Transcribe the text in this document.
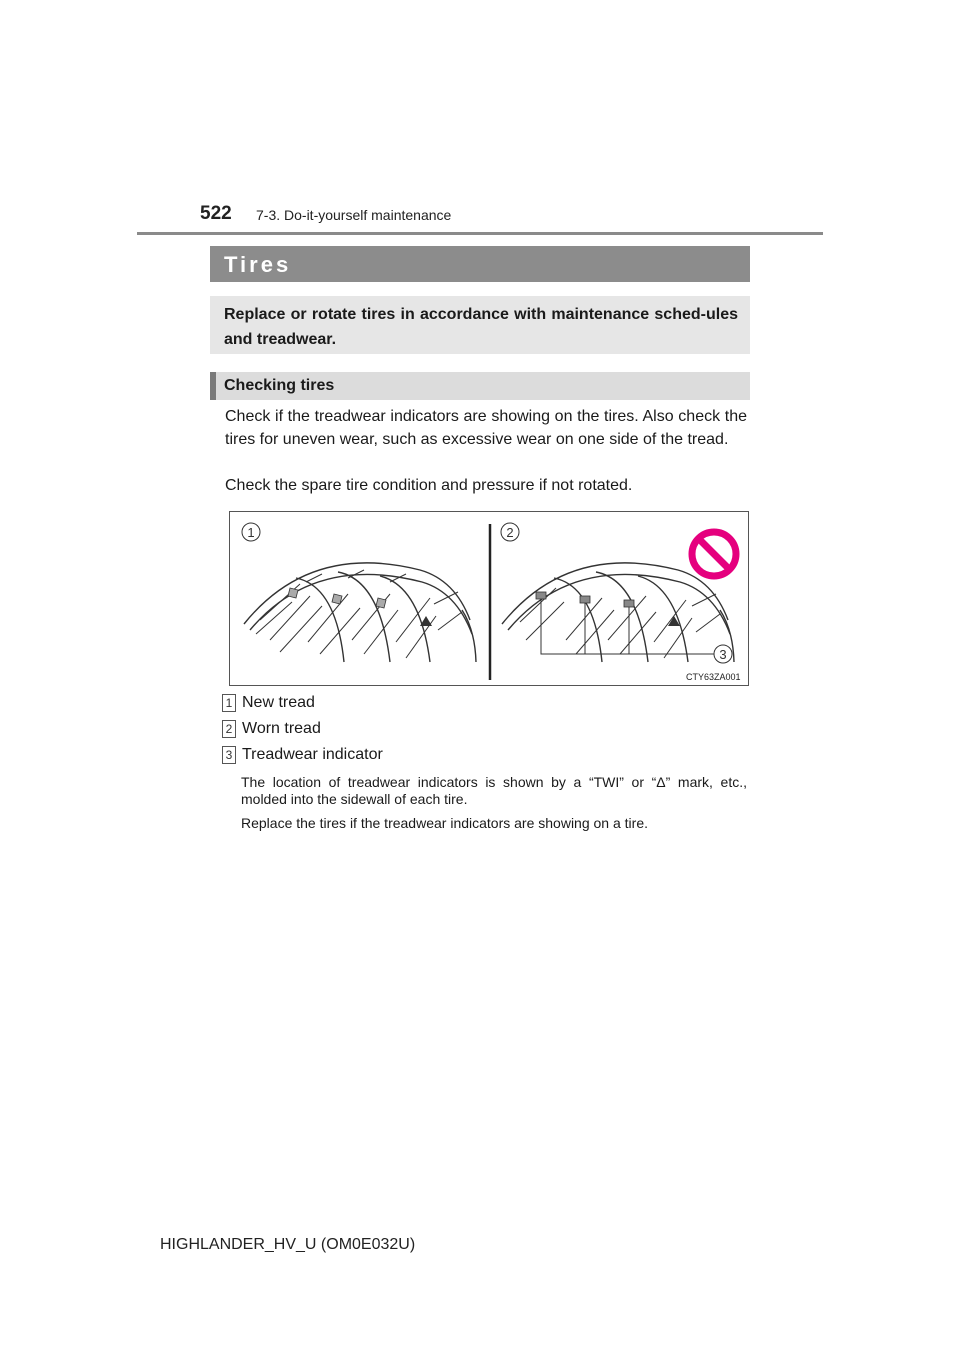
522 7-3. Do-it-yourself maintenance
Tires

Replace or rotate tires in accordance with maintenance sched-ules and treadwear.

Checking tires

Check if the treadwear indicators are showing on the tires. Also check the tires for uneven wear, such as excessive wear on one side of the tread.

Check the spare tire condition and pressure if not rotated.

1	2
3
CTY63ZA001
1 New tread
2 Worn tread
3 Treadwear indicator

The location of treadwear indicators is shown by a “TWI” or “Δ” mark, etc., molded into the sidewall of each tire.

Replace the tires if the treadwear indicators are showing on a tire.

HIGHLANDER_HV_U (OM0E032U)
